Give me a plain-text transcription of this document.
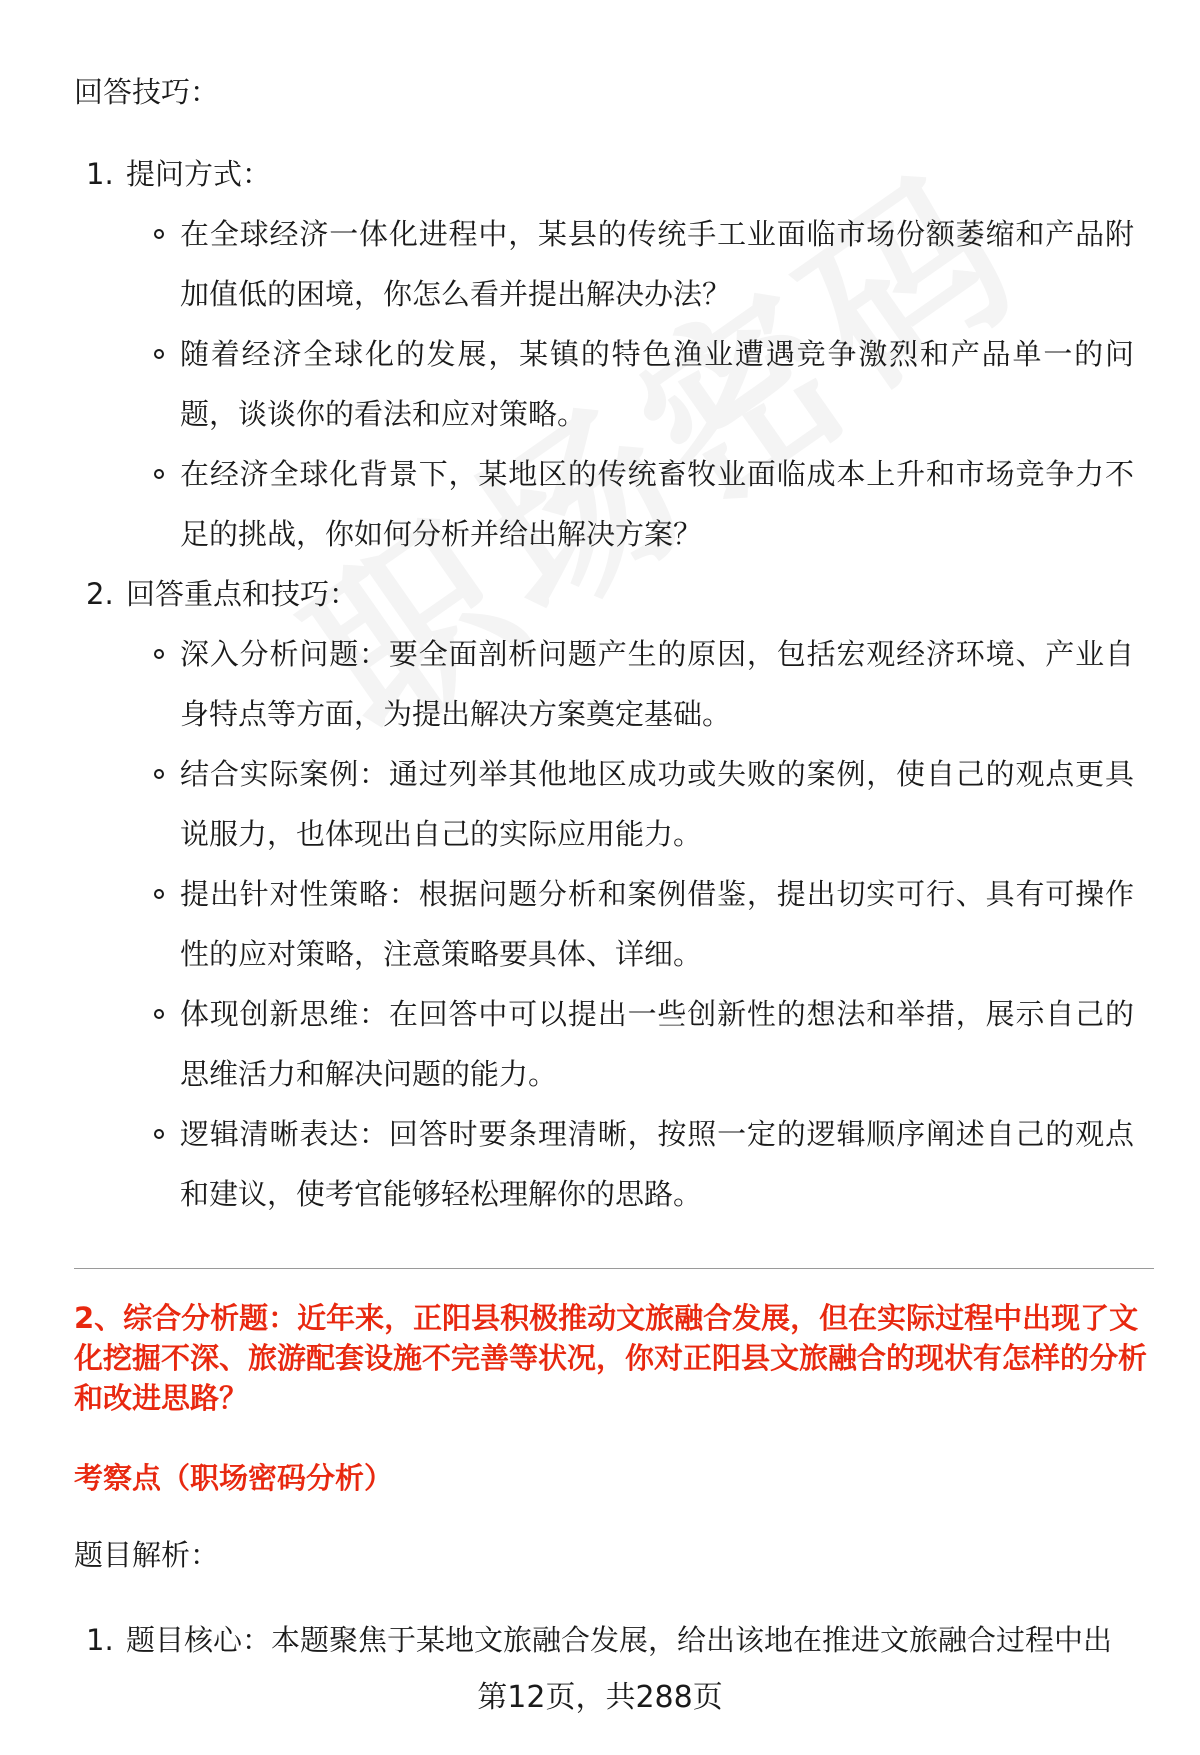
回答技巧：

1. 提问方式：
在全球经济一体化进程中，某县的传统手工业面临市场份额萎缩和产品附加值低的困境，你怎么看并提出解决办法？
随着经济全球化的发展，某镇的特色渔业遭遇竞争激烈和产品单一的问题，谈谈你的看法和应对策略。
在经济全球化背景下，某地区的传统畜牧业面临成本上升和市场竞争力不足的挑战，你如何分析并给出解决方案？
2. 回答重点和技巧：
深入分析问题：要全面剖析问题产生的原因，包括宏观经济环境、产业自身特点等方面，为提出解决方案奠定基础。
结合实际案例：通过列举其他地区成功或失败的案例，使自己的观点更具说服力，也体现出自己的实际应用能力。
提出针对性策略：根据问题分析和案例借鉴，提出切实可行、具有可操作性的应对策略，注意策略要具体、详细。
体现创新思维：在回答中可以提出一些创新性的想法和举措，展示自己的思维活力和解决问题的能力。
逻辑清晰表达：回答时要条理清晰，按照一定的逻辑顺序阐述自己的观点和建议，使考官能够轻松理解你的思路。
2、综合分析题：近年来，正阳县积极推动文旅融合发展，但在实际过程中出现了文化挖掘不深、旅游配套设施不完善等状况，你对正阳县文旅融合的现状有怎样的分析和改进思路？
考察点（职场密码分析）
题目解析：
1. 题目核心：本题聚焦于某地文旅融合发展，给出该地在推进文旅融合过程中出
第12页，共288页
